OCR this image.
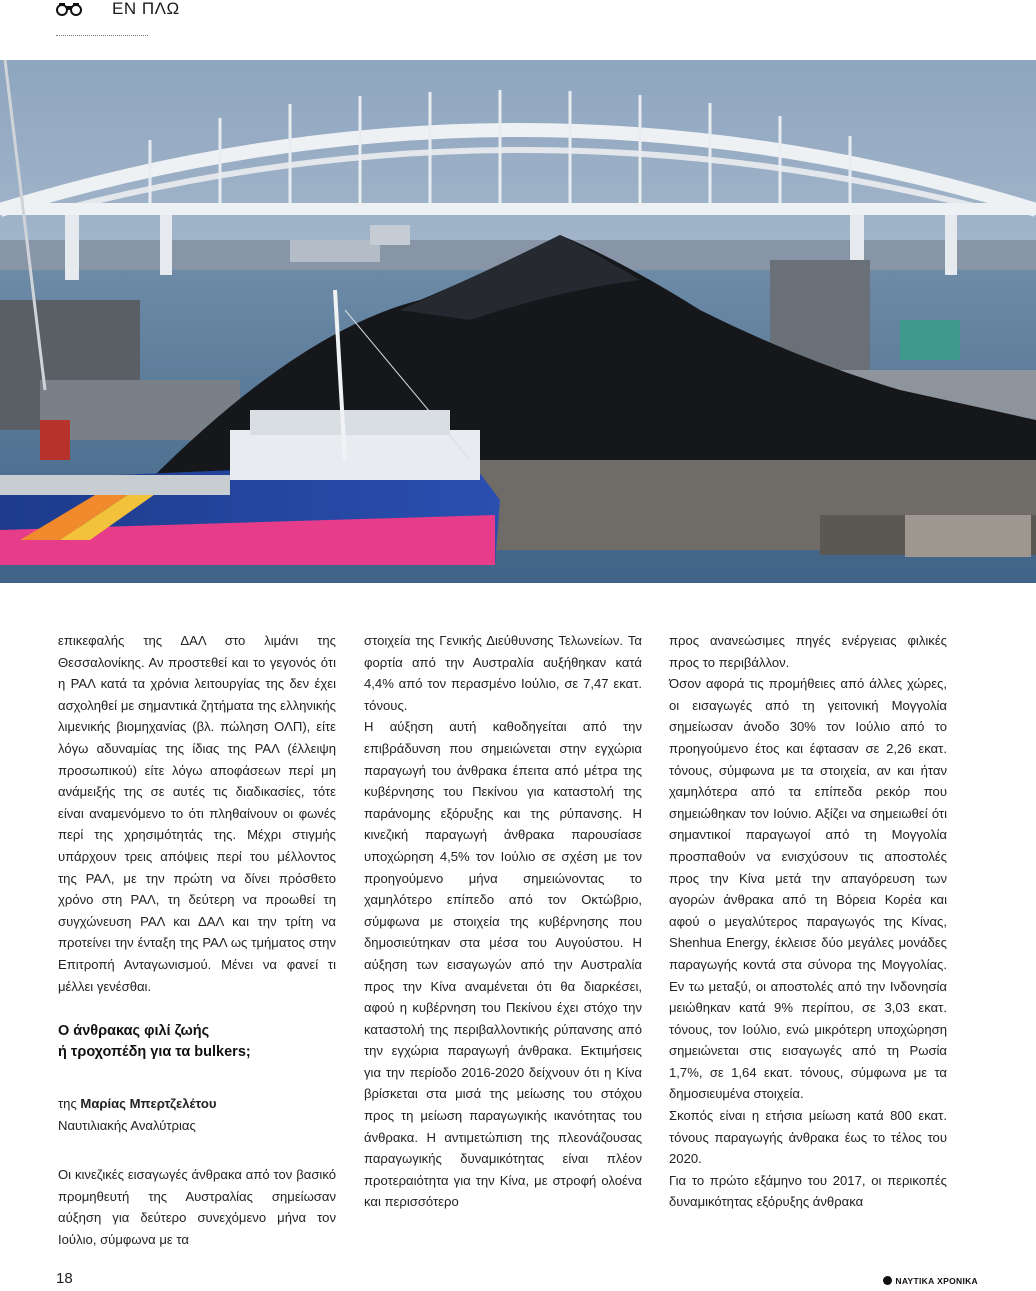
ΕΝ ΠΛΩ

επικεφαλής της ΔΑΛ στο λιμάνι της Θεσσαλονίκης. Αν προστεθεί και το γεγονός ότι η ΡΑΛ κατά τα χρόνια λειτουργίας της δεν έχει ασχοληθεί με σημαντικά ζητήματα της ελληνικής λιμενικής βιομηχανίας (βλ. πώληση ΟΛΠ), είτε λόγω αδυναμίας της ίδιας της ΡΑΛ (έλλειψη προσωπικού) είτε λόγω αποφάσεων περί μη ανάμειξής της σε αυτές τις διαδικασίες, τότε είναι αναμενόμενο το ότι πληθαίνουν οι φωνές περί της χρησιμότητάς της. Μέχρι στιγμής υπάρχουν τρεις απόψεις περί του μέλλοντος της ΡΑΛ, με την πρώτη να δίνει πρόσθετο χρόνο στη ΡΑΛ, τη δεύτερη να προωθεί τη συγχώνευση ΡΑΛ και ΔΑΛ και την τρίτη να προτείνει την ένταξη της ΡΑΛ ως τμήματος στην Επιτροπή Ανταγωνισμού. Μένει να φανεί τι μέλλει γενέσθαι.

Ο άνθρακας φιλί ζωής
ή τροχοπέδη για τα bulkers;
της Μαρίας Μπερτζελέτου
Ναυτιλιακής Αναλύτριας

Οι κινεζικές εισαγωγές άνθρακα από τον βασικό προμηθευτή της Αυστραλίας σημείωσαν αύξηση για δεύτερο συνεχόμενο μήνα τον Ιούλιο, σύμφωνα με τα

στοιχεία της Γενικής Διεύθυνσης Τελωνείων. Τα φορτία από την Αυστραλία αυξήθηκαν κατά 4,4% από τον περασμένο Ιούλιο, σε 7,47 εκατ. τόνους.

Η αύξηση αυτή καθοδηγείται από την επιβράδυνση που σημειώνεται στην εγχώρια παραγωγή του άνθρακα έπειτα από μέτρα της κυβέρνησης του Πεκίνου για καταστολή της παράνομης εξόρυξης και της ρύπανσης. Η κινεζική παραγωγή άνθρακα παρουσίασε υποχώρηση 4,5% τον Ιούλιο σε σχέση με τον προηγούμενο μήνα σημειώνοντας το χαμηλότερο επίπεδο από τον Οκτώβριο, σύμφωνα με στοιχεία της κυβέρνησης που δημοσιεύτηκαν στα μέσα του Αυγούστου. Η αύξηση των εισαγωγών από την Αυστραλία προς την Κίνα αναμένεται ότι θα διαρκέσει, αφού η κυβέρνηση του Πεκίνου έχει στόχο την καταστολή της περιβαλλοντικής ρύπανσης από την εγχώρια παραγωγή άνθρακα. Εκτιμήσεις για την περίοδο 2016-2020 δείχνουν ότι η Κίνα βρίσκεται στα μισά της μείωσης του στόχου προς τη μείωση παραγωγικής ικανότητας του άνθρακα. Η αντιμετώπιση της πλεονάζουσας παραγωγικής δυναμικότητας είναι πλέον προτεραιότητα για την Κίνα, με στροφή ολοένα και περισσότερο

προς ανανεώσιμες πηγές ενέργειας φιλικές προς το περιβάλλον.

Όσον αφορά τις προμήθειες από άλλες χώρες, οι εισαγωγές από τη γειτονική Μογγολία σημείωσαν άνοδο 30% τον Ιούλιο από το προηγούμενο έτος και έφτασαν σε 2,26 εκατ. τόνους, σύμφωνα με τα στοιχεία, αν και ήταν χαμηλότερα από τα επίπεδα ρεκόρ που σημειώθηκαν τον Ιούνιο. Αξίζει να σημειωθεί ότι σημαντικοί παραγωγοί από τη Μογγολία προσπαθούν να ενισχύσουν τις αποστολές προς την Κίνα μετά την απαγόρευση των αγορών άνθρακα από τη Βόρεια Κορέα και αφού ο μεγαλύτερος παραγωγός της Κίνας, Shenhua Energy, έκλεισε δύο μεγάλες μονάδες παραγωγής κοντά στα σύνορα της Μογγολίας. Εν τω μεταξύ, οι αποστολές από την Ινδονησία μειώθηκαν κατά 9% περίπου, σε 3,03 εκατ. τόνους, τον Ιούλιο, ενώ μικρότερη υποχώρηση σημειώνεται στις εισαγωγές από τη Ρωσία 1,7%, σε 1,64 εκατ. τόνους, σύμφωνα με τα δημοσιευμένα στοιχεία.

Σκοπός είναι η ετήσια μείωση κατά 800 εκατ. τόνους παραγωγής άνθρακα έως το τέλος του 2020.

Για το πρώτο εξάμηνο του 2017, οι περικοπές δυναμικότητας εξόρυξης άνθρακα

18	ΝΑΥΤΙΚΑ ΧΡΟΝΙΚΑ
